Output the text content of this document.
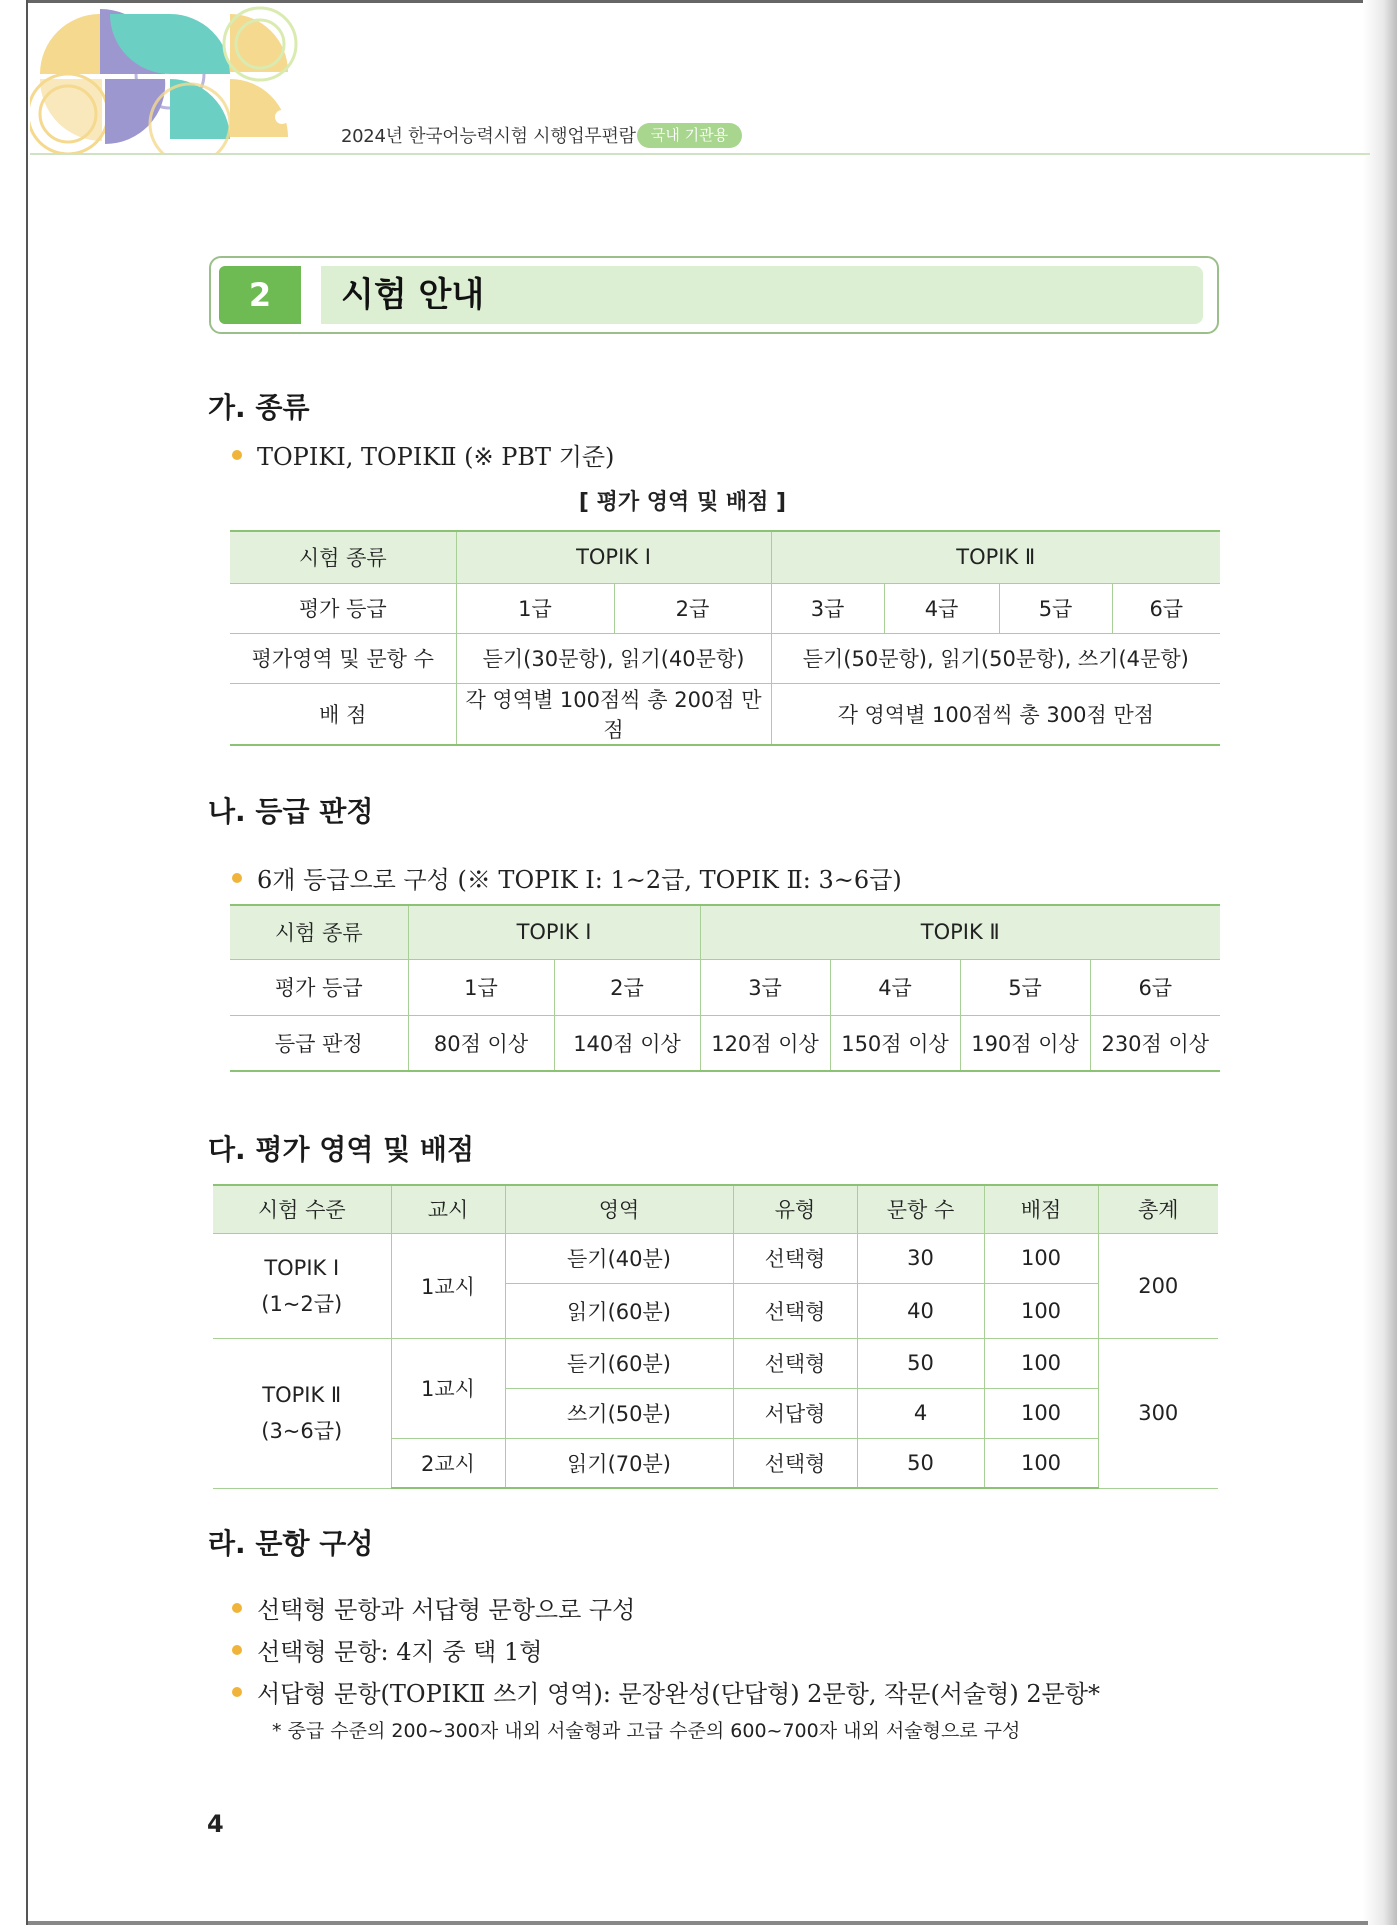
2024년 한국어능력시험 시행업무편람	국내 기관용
2	시험 안내
가. 종류
TOPIKⅠ, TOPIKⅡ (※ PBT 기준)
[ 평가 영역 및 배점 ]
시험 종류	TOPIK Ⅰ		TOPIK Ⅱ			
평가 등급	1급	2급	3급	4급	5급	6급
평가영역 및 문항 수	듣기(30문항), 읽기(40문항)		듣기(50문항), 읽기(50문항), 쓰기(4문항)			
배 점	각 영역별 100점씩 총 200점 만점		각 영역별 100점씩 총 300점 만점			
나. 등급 판정
6개 등급으로 구성 (※ TOPIK Ⅰ: 1~2급, TOPIK Ⅱ: 3~6급)
시험 종류	TOPIK Ⅰ		TOPIK Ⅱ			
평가 등급	1급	2급	3급	4급	5급	6급
등급 판정	80점 이상	140점 이상	120점 이상	150점 이상	190점 이상	230점 이상
다. 평가 영역 및 배점
시험 수준	교시	영역	유형	문항 수	배점	총계

TOPIK Ⅰ
(1~2급)	1교시	듣기(40분)	선택형	30	100	200
		읽기(60분)	선택형	40	100	

TOPIK Ⅱ
(3~6급)	1교시	듣기(60분)	선택형	50	100	300
		쓰기(50분)	서답형	4	100	
	2교시	읽기(70분)	선택형	50	100	
라. 문항 구성
선택형 문항과 서답형 문항으로 구성
선택형 문항: 4지 중 택 1형
서답형 문항(TOPIKⅡ 쓰기 영역): 문장완성(단답형) 2문항, 작문(서술형) 2문항*
* 중급 수준의 200~300자 내외 서술형과 고급 수준의 600~700자 내외 서술형으로 구성
4
